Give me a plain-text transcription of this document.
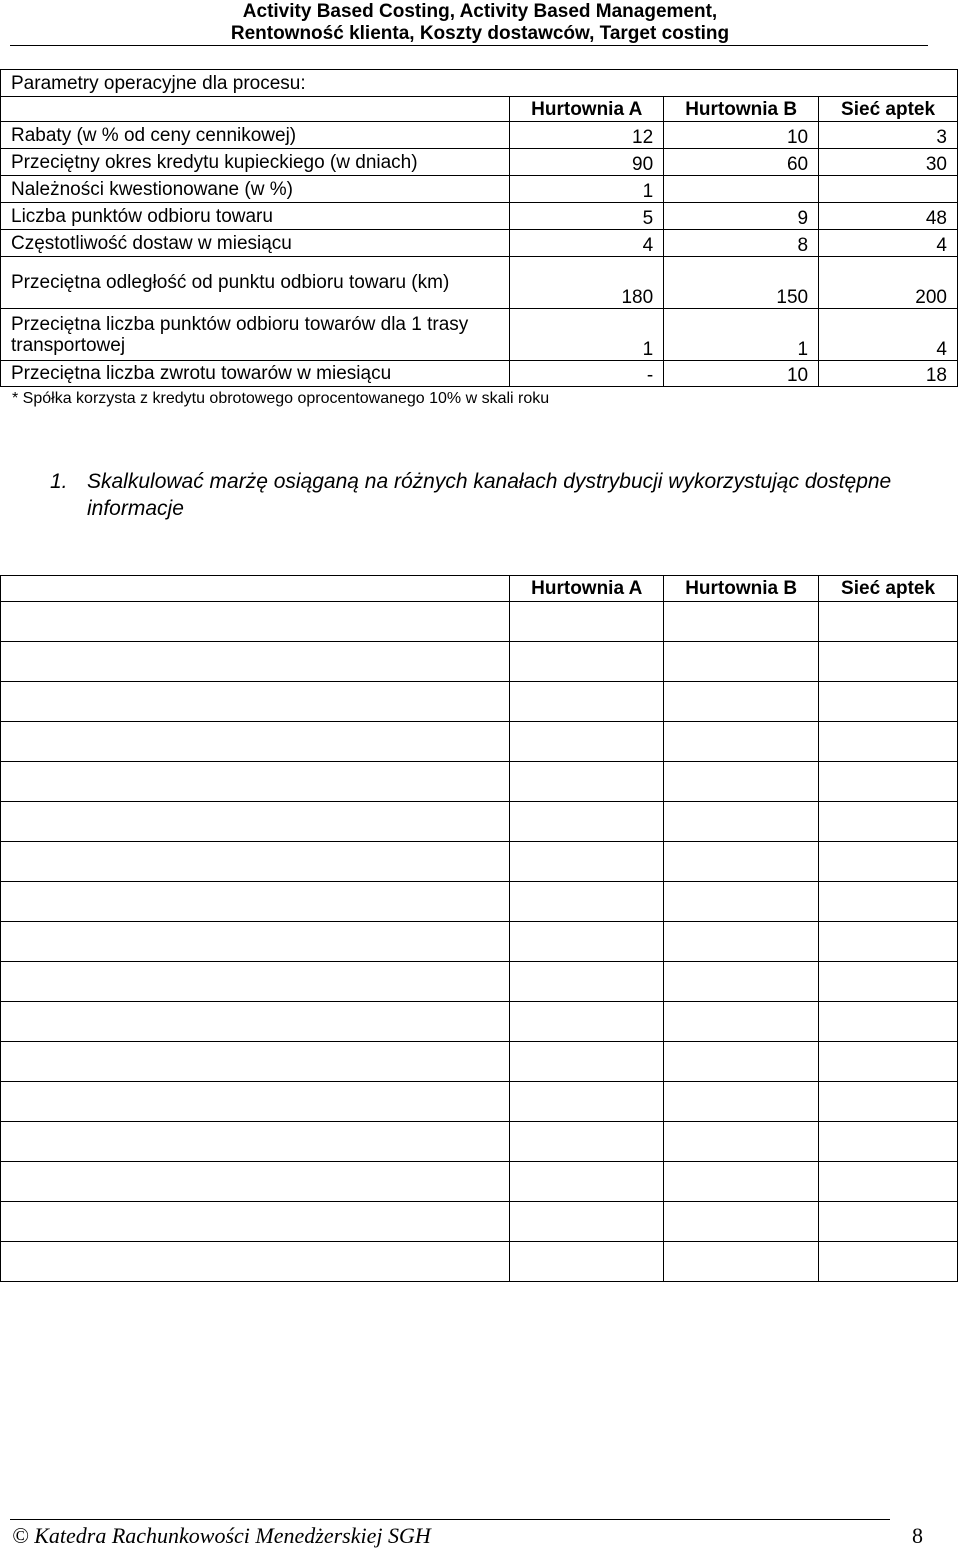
Activity Based Costing, Activity Based Management,
Rentowność klienta, Koszty dostawców, Target costing
Parametry operacyjne dla procesu:			
	Hurtownia A	Hurtownia B	Sieć aptek
Rabaty (w % od ceny cennikowej)	12	10	3
Przeciętny okres kredytu kupieckiego (w dniach)	90	60	30
Należności kwestionowane (w %)	1		
Liczba punktów odbioru towaru	5	9	48
Częstotliwość dostaw w miesiącu	4	8	4
Przeciętna odległość od punktu odbioru towaru (km)	180	150	200
Przeciętna liczba punktów odbioru towarów dla 1 trasy transportowej	1	1	4
Przeciętna liczba zwrotu towarów w miesiącu	-	10	18
* Spółka korzysta z kredytu obrotowego oprocentowanego 10% w skali roku
1. Skalkulować marżę osiąganą na różnych kanałach dystrybucji wykorzystując dostępne informacje
	Hurtownia A	Hurtownia B	Sieć aptek

© Katedra Rachunkowości Menedżerskiej SGH	8
